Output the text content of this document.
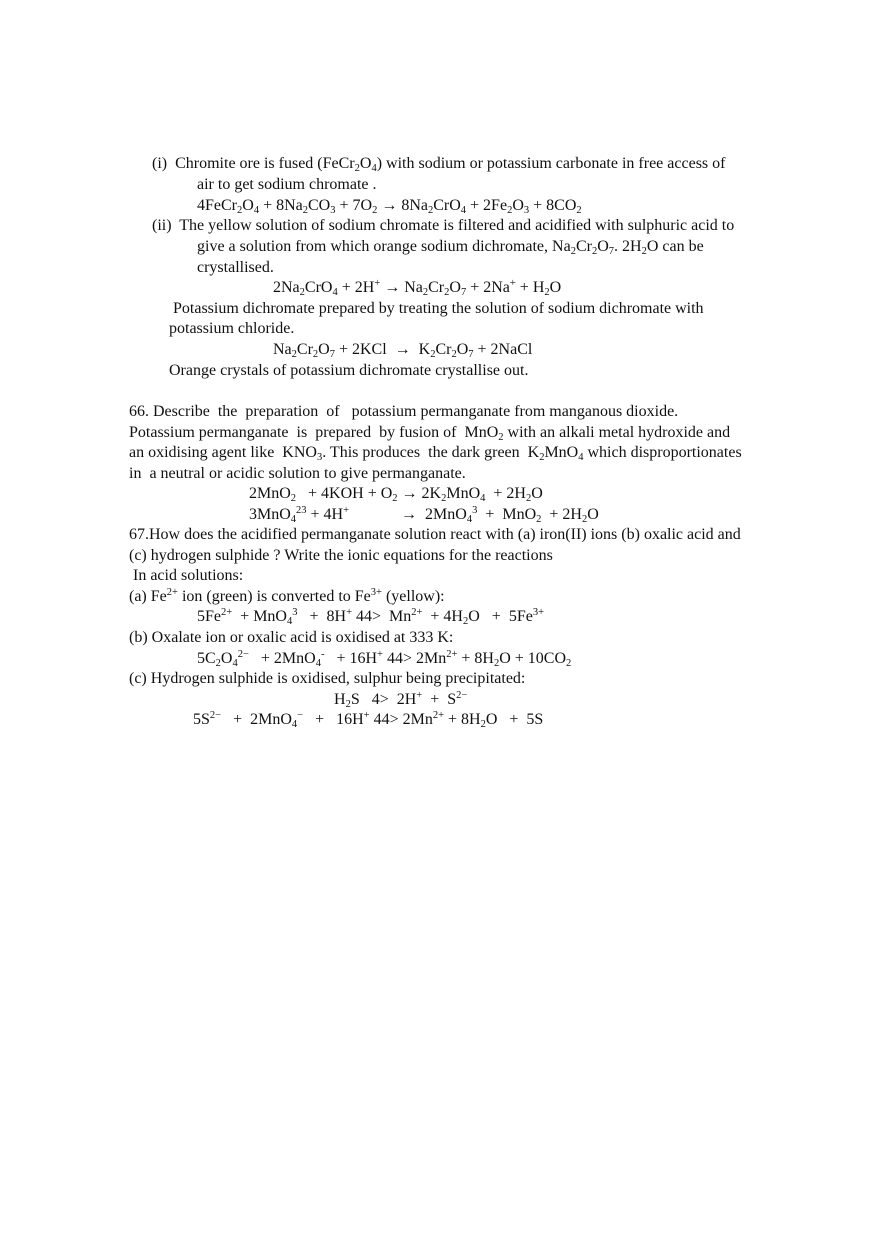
(i)  Chromite ore is fused $(FeCr_2O_4)$ with sodium or potassium carbonate in free access of
air to get sodium chromate .
$4FeCr_2O_4 + 8Na_2CO_3 + 7O_2 \to 8Na_2CrO_4 + 2Fe_2O_3 + 8CO_2$
(ii)  The yellow solution of sodium chromate is filtered and acidified with sulphuric acid to
give a solution from which orange sodium dichromate, $Na_2Cr_2O_7$. $2H_2O$ can be
crystallised.
$2Na_2CrO_4 + 2H^+ \to Na_2Cr_2O_7 + 2Na^+ + H_2O$
Potassium dichromate prepared by treating the solution of sodium dichromate with
potassium chloride.
$Na_2Cr_2O_7 + 2KCl \to K_2Cr_2O_7$ + 2NaCl
Orange crystals of potassium dichromate crystallise out.
66. Describe  the  preparation  of   potassium permanganate from manganous dioxide.
Potassium permanganate  is  prepared  by fusion of  MnO$_2$ with an alkali metal hydroxide and
an oxidising agent like  $KNO_3$. This produces  the dark green  $K_2MnO_4$ which disproportionates
in  a neutral or acidic solution to give permanganate.
$2MnO_2 + 4KOH + O_2 \to 2K_2MnO_4 + 2H_2O$
3MnO$_4^{23}$ + 4H+             →  $2MnO_4^3 + MnO_2 + 2H_2O$
67.How does the acidified permanganate solution react with (a) iron(II) ions (b) oxalic acid and
(c) hydrogen sulphide ? Write the ionic equations for the reactions
In acid solutions:
(a) $Fe^{2+}$ ion (green) is converted to $Fe^{3+}$ (yellow):
$5Fe^{2+} + MnO_4^3 + 8H^+$ $44> Mn^{2+} + 4H_2O + 5Fe^{3+}$
(b) Oxalate ion or oxalic acid is oxidised at 333 K:
$5C_2O_4^{2-} + 2MnO_4^- + 16H^+$ $44> 2Mn^{2+} + 8H_2O + 10CO_2$
(c) Hydrogen sulphide is oxidised, sulphur being precipitated:
$H_2S$   $4> 2H^+ + S^{2-}$
$5S^{2-} + 2MnO_4^- + 16H^+$ $44> 2Mn^{2+} + 8H_2O + 5S$
